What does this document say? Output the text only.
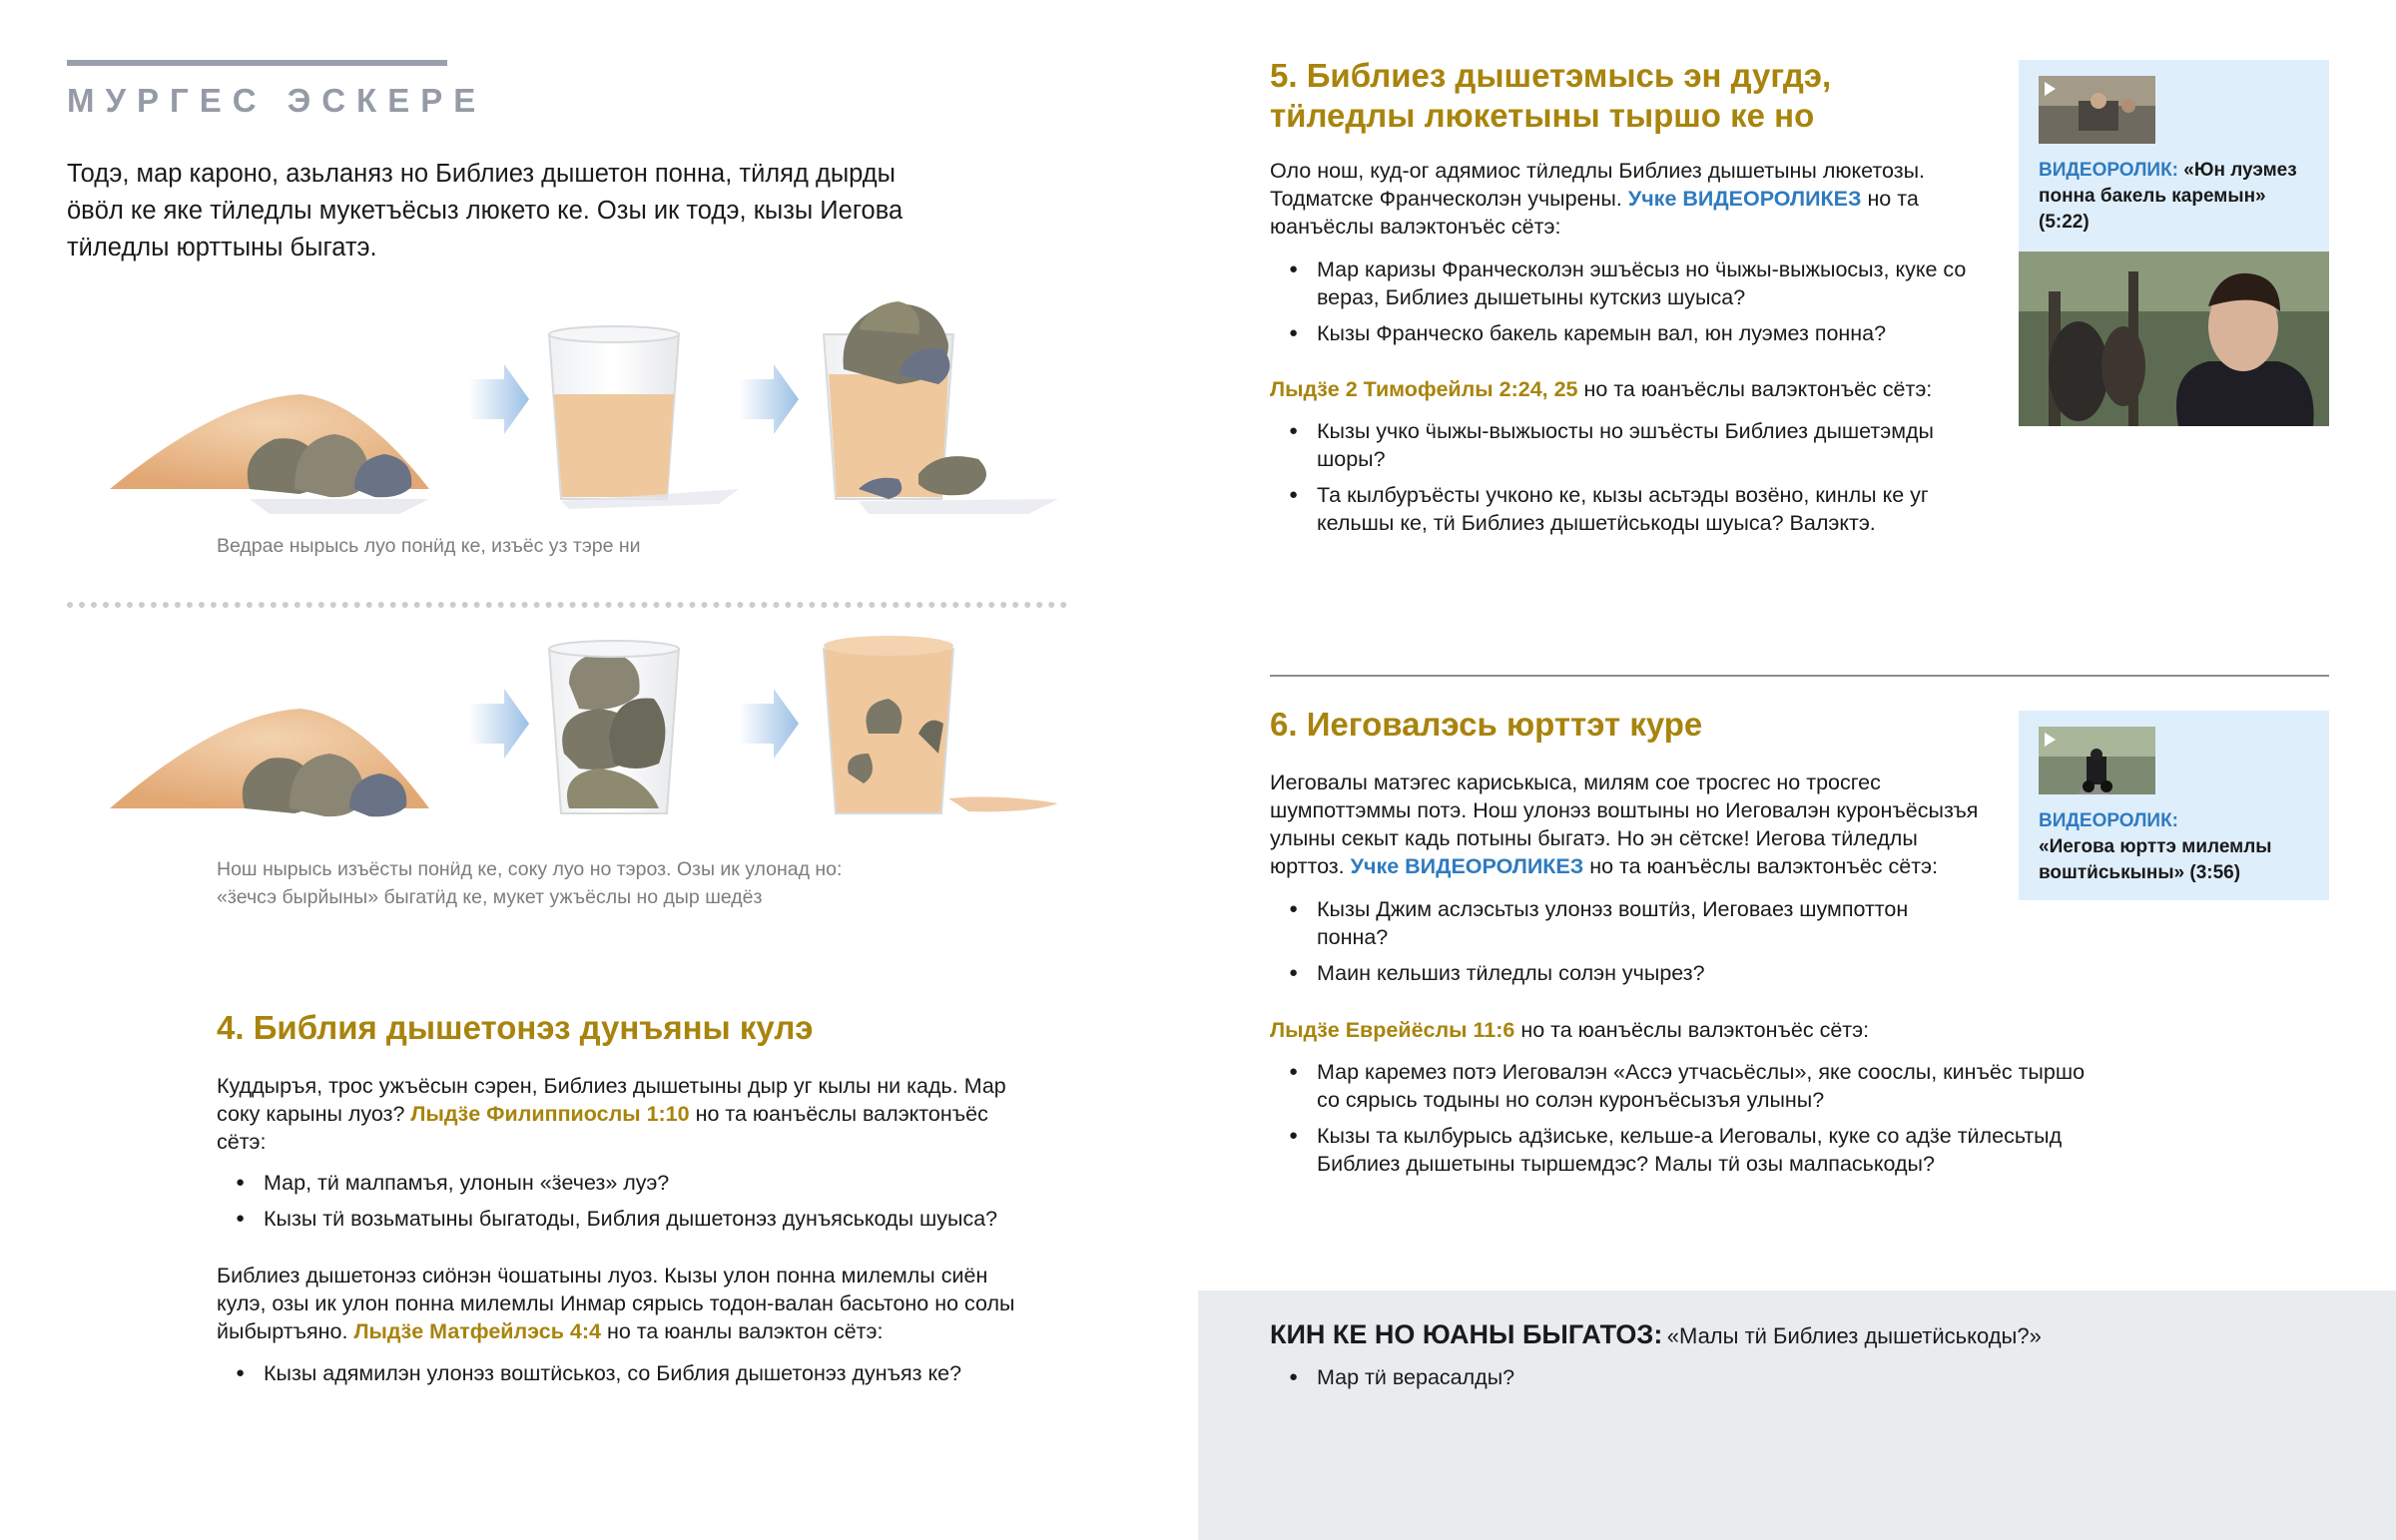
МУРГЕС ЭСКЕРЕ
Тодэ, мар кароно, азьланяз но Библиез дышетон понна, тӥляд дырды ӧвӧл ке яке тӥледлы мукетъёсыз люкето ке. Озы ик тодэ, кызы Иегова тӥледлы юрттыны быгатэ.
Ведрае нырысь луо понӥд ке, изъёс уз тэре ни
Нош нырысь изъёсты понӥд ке, соку луо но тэроз. Озы ик улонад но:
«ӟечсэ бырйыны» быгатӥд ке, мукет ужъёслы но дыр шедёз
4. Библия дышетонэз дунъяны кулэ
Куддыръя, трос ужъёсын сэрен, Библиез дышетыны дыр уг кылы ни кадь. Мар соку карыны луоз? Лыдӟе Филиппиослы 1:10 но та юанъёслы валэктонъёс сётэ:
● Мар, тӥ малпамъя, улонын «ӟечез» луэ?
● Кызы тӥ возьматыны быгатоды, Библия дышетонэз дунъяськоды шуыса?
Библиез дышетонэз сиӧнэн ӵошатыны луоз. Кызы улон понна милемлы сиён кулэ, озы ик улон понна милемлы Инмар сярысь тодон-валан басьтоно но солы йыбыртъяно. Лыдӟе Матфейлэсь 4:4 но та юанлы валэктон сётэ:
● Кызы адямилэн улонэз воштӥськоз, со Библия дышетонэз дунъяз ке?
5. Библиез дышетэмысь эн дугдэ,
тӥледлы люкетыны тыршо ке но
Оло нош, куд-ог адямиос тӥледлы Библиез дышетыны люкетозы. Тодматске Франческолэн учырены. Учке ВИДЕОРОЛИКЕЗ но та юанъёслы валэктонъёс сётэ:
● Мар каризы Франческолэн эшъёсыз но ӵыжы-выжыосыз, куке со вераз, Библиез дышетыны кутскиз шуыса?
● Кызы Франческо бакель каремын вал, юн луэмез понна?
Лыдӟе 2 Тимофейлы 2:24, 25 но та юанъёслы валэктонъёс сётэ:
● Кызы учко ӵыжы-выжыосты но эшъёсты Библиез дышетэмды шоры?
● Та кылбуръёсты учконо ке, кызы асьтэды возёно, кинлы ке уг кельшы ке, тӥ Библиез дышетӥськоды шуыса? Валэктэ.
ВИДЕОРОЛИК: «Юн луэмез понна бакель каремын» (5:22)
6. Иеговалэсь юрттэт куре
Иеговалы матэгес кариськыса, милям сое тросгес но тросгес шумпоттэммы потэ. Нош улонэз воштыны но Иеговалэн куронъёсызъя улыны секыт кадь потыны быгатэ. Но эн сётске! Иегова тӥледлы юрттоз. Учке ВИДЕОРОЛИКЕЗ но та юанъёслы валэктонъёс сётэ:
● Кызы Джим аслэсьтыз улонэз воштӥз, Иеговаез шумпоттон понна?
● Маин кельшиз тӥледлы солэн учырез?
Лыдӟе Еврейёслы 11:6 но та юанъёслы валэктонъёс сётэ:
● Мар каремез потэ Иеговалэн «Ассэ утчасьёслы», яке соослы, кинъёс тыршо со сярысь тодыны но солэн куронъёсызъя улыны?
● Кызы та кылбурысь адӟиське, кельше-а Иеговалы, куке со адӟе тӥлесьтыд Библиез дышетыны тыршемдэс? Малы тӥ озы малпаськоды?
ВИДЕОРОЛИК:
«Иегова юрттэ милемлы воштӥськыны» (3:56)
КИН КЕ НО ЮАНЫ БЫГАТОЗ: «Малы тӥ Библиез дышетӥськоды?»
● Мар тӥ верасалды?
